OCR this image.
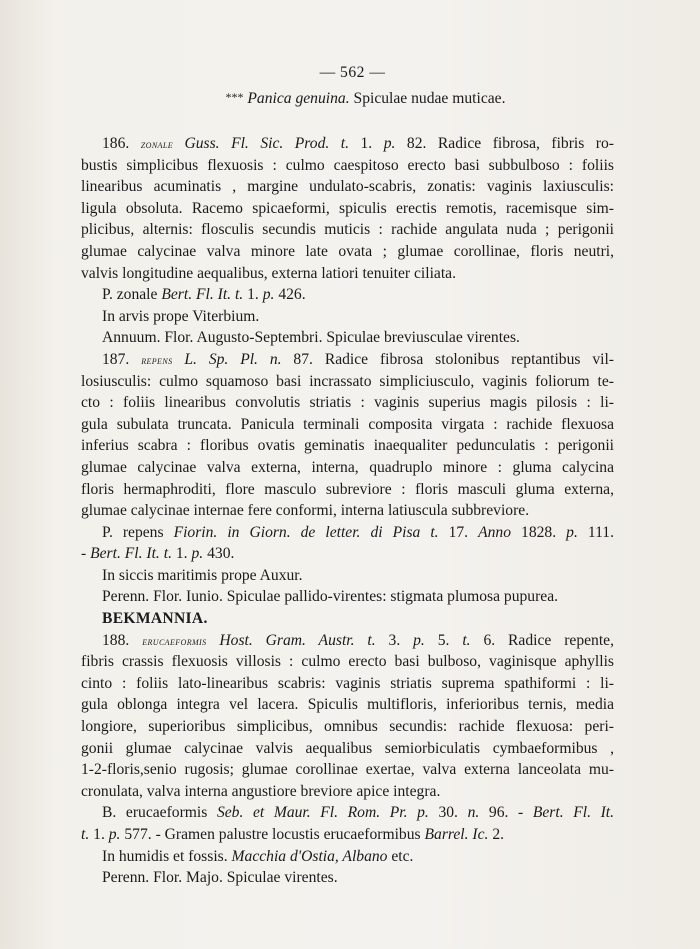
— 562 —
*** Panica genuina. Spiculae nudae muticae.

186. zonale Guss. Fl. Sic. Prod. t. 1. p. 82. Radice fibrosa, fibris ro-

bustis simplicibus flexuosis : culmo caespitoso erecto basi subbulboso : foliis

linearibus acuminatis , margine undulato-scabris, zonatis: vaginis laxiusculis:

ligula obsoluta. Racemo spicaeformi, spiculis erectis remotis, racemisque sim-

plicibus, alternis: flosculis secundis muticis : rachide angulata nuda ; perigonii

glumae calycinae valva minore late ovata ; glumae corollinae, floris neutri,

valvis longitudine aequalibus, externa latiori tenuiter ciliata.

P. zonale Bert. Fl. It. t. 1. p. 426.

In arvis prope Viterbium.

Annuum. Flor. Augusto-Septembri. Spiculae breviusculae virentes.

187. repens L. Sp. Pl. n. 87. Radice fibrosa stolonibus reptantibus vil-

losiusculis: culmo squamoso basi incrassato simpliciusculo, vaginis foliorum te-

cto : foliis linearibus convolutis striatis : vaginis superius magis pilosis : li-

gula subulata truncata. Panicula terminali composita virgata : rachide flexuosa

inferius scabra : floribus ovatis geminatis inaequaliter pedunculatis : perigonii

glumae calycinae valva externa, interna, quadruplo minore : gluma calycina

floris hermaphroditi, flore masculo subreviore : floris masculi gluma externa,

glumae calycinae internae fere conformi, interna latiuscula subbreviore.

P. repens Fiorin. in Giorn. de letter. di Pisa t. 17. Anno 1828. p. 111.

- Bert. Fl. It. t. 1. p. 430.

In siccis maritimis prope Auxur.

Perenn. Flor. Iunio. Spiculae pallido-virentes: stigmata plumosa pupurea.

BEKMANNIA.

188. erucaeformis Host. Gram. Austr. t. 3. p. 5. t. 6. Radice repente,

fibris crassis flexuosis villosis : culmo erecto basi bulboso, vaginisque aphyllis

cinto : foliis lato-linearibus scabris: vaginis striatis suprema spathiformi : li-

gula oblonga integra vel lacera. Spiculis multifloris, inferioribus ternis, media

longiore, superioribus simplicibus, omnibus secundis: rachide flexuosa: peri-

gonii glumae calycinae valvis aequalibus semiorbiculatis cymbaeformibus ,

1-2-floris,senio rugosis; glumae corollinae exertae, valva externa lanceolata mu-

cronulata, valva interna angustiore breviore apice integra.

B. erucaeformis Seb. et Maur. Fl. Rom. Pr. p. 30. n. 96. - Bert. Fl. It.

t. 1. p. 577. - Gramen palustre locustis erucaeformibus Barrel. Ic. 2.

In humidis et fossis. Macchia d'Ostia, Albano etc.

Perenn. Flor. Majo. Spiculae virentes.
